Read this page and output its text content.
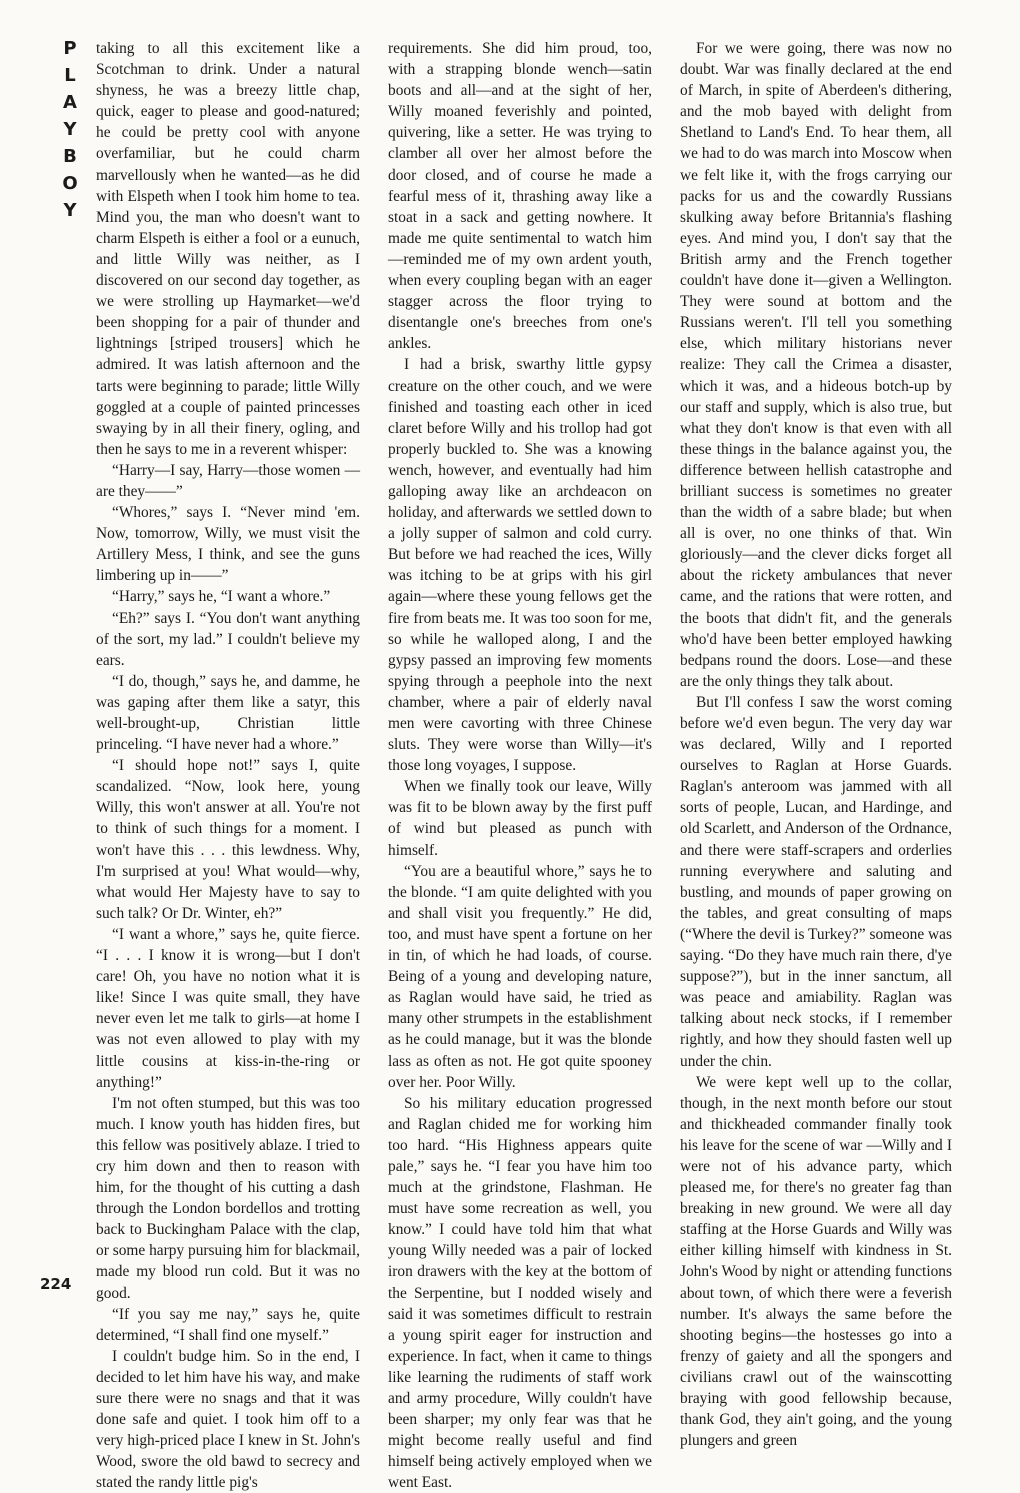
P
L
A
Y
B
O
Y

taking to all this excitement like a Scotchman to drink. Under a natural shyness, he was a breezy little chap, quick, eager to please and good-natured; he could be pretty cool with anyone overfamiliar, but he could charm marvellously when he wanted—as he did with Elspeth when I took him home to tea. Mind you, the man who doesn't want to charm Elspeth is either a fool or a eunuch, and little Willy was neither, as I discovered on our second day together, as we were strolling up Haymarket—we'd been shopping for a pair of thunder and lightnings [striped trousers] which he admired. It was latish afternoon and the tarts were beginning to parade; little Willy goggled at a couple of painted princesses swaying by in all their finery, ogling, and then he says to me in a reverent whisper:

“Harry—I say, Harry—those women —are they——”

“Whores,” says I. “Never mind 'em. Now, tomorrow, Willy, we must visit the Artillery Mess, I think, and see the guns limbering up in——”

“Harry,” says he, “I want a whore.”

“Eh?” says I. “You don't want anything of the sort, my lad.” I couldn't believe my ears.

“I do, though,” says he, and damme, he was gaping after them like a satyr, this well-brought-up, Christian little princeling. “I have never had a whore.”

“I should hope not!” says I, quite scandalized. “Now, look here, young Willy, this won't answer at all. You're not to think of such things for a moment. I won't have this . . . this lewdness. Why, I'm surprised at you! What would—why, what would Her Majesty have to say to such talk? Or Dr. Winter, eh?”

“I want a whore,” says he, quite fierce. “I . . . I know it is wrong—but I don't care! Oh, you have no notion what it is like! Since I was quite small, they have never even let me talk to girls—at home I was not even allowed to play with my little cousins at kiss-in-the-ring or anything!”

I'm not often stumped, but this was too much. I know youth has hidden fires, but this fellow was positively ablaze. I tried to cry him down and then to reason with him, for the thought of his cutting a dash through the London bordellos and trotting back to Buckingham Palace with the clap, or some harpy pursuing him for blackmail, made my blood run cold. But it was no good.

“If you say me nay,” says he, quite determined, “I shall find one myself.”

I couldn't budge him. So in the end, I decided to let him have his way, and make sure there were no snags and that it was done safe and quiet. I took him off to a very high-priced place I knew in St. John's Wood, swore the old bawd to secrecy and stated the randy little pig's

requirements. She did him proud, too, with a strapping blonde wench—satin boots and all—and at the sight of her, Willy moaned feverishly and pointed, quivering, like a setter. He was trying to clamber all over her almost before the door closed, and of course he made a fearful mess of it, thrashing away like a stoat in a sack and getting nowhere. It made me quite sentimental to watch him—reminded me of my own ardent youth, when every coupling began with an eager stagger across the floor trying to disentangle one's breeches from one's ankles.

I had a brisk, swarthy little gypsy creature on the other couch, and we were finished and toasting each other in iced claret before Willy and his trollop had got properly buckled to. She was a knowing wench, however, and eventually had him galloping away like an archdeacon on holiday, and afterwards we settled down to a jolly supper of salmon and cold curry. But before we had reached the ices, Willy was itching to be at grips with his girl again—where these young fellows get the fire from beats me. It was too soon for me, so while he walloped along, I and the gypsy passed an improving few moments spying through a peephole into the next chamber, where a pair of elderly naval men were cavorting with three Chinese sluts. They were worse than Willy—it's those long voyages, I suppose.

When we finally took our leave, Willy was fit to be blown away by the first puff of wind but pleased as punch with himself.

“You are a beautiful whore,” says he to the blonde. “I am quite delighted with you and shall visit you frequently.” He did, too, and must have spent a fortune on her in tin, of which he had loads, of course. Being of a young and developing nature, as Raglan would have said, he tried as many other strumpets in the establishment as he could manage, but it was the blonde lass as often as not. He got quite spooney over her. Poor Willy.

So his military education progressed and Raglan chided me for working him too hard. “His Highness appears quite pale,” says he. “I fear you have him too much at the grindstone, Flashman. He must have some recreation as well, you know.” I could have told him that what young Willy needed was a pair of locked iron drawers with the key at the bottom of the Serpentine, but I nodded wisely and said it was sometimes difficult to restrain a young spirit eager for instruction and experience. In fact, when it came to things like learning the rudiments of staff work and army procedure, Willy couldn't have been sharper; my only fear was that he might become really useful and find himself being actively employed when we went East.

For we were going, there was now no doubt. War was finally declared at the end of March, in spite of Aberdeen's dithering, and the mob bayed with delight from Shetland to Land's End. To hear them, all we had to do was march into Moscow when we felt like it, with the frogs carrying our packs for us and the cowardly Russians skulking away before Britannia's flashing eyes. And mind you, I don't say that the British army and the French together couldn't have done it—given a Wellington. They were sound at bottom and the Russians weren't. I'll tell you something else, which military historians never realize: They call the Crimea a disaster, which it was, and a hideous botch-up by our staff and supply, which is also true, but what they don't know is that even with all these things in the balance against you, the difference between hellish catastrophe and brilliant success is sometimes no greater than the width of a sabre blade; but when all is over, no one thinks of that. Win gloriously—and the clever dicks forget all about the rickety ambulances that never came, and the rations that were rotten, and the boots that didn't fit, and the generals who'd have been better employed hawking bedpans round the doors. Lose—and these are the only things they talk about.

But I'll confess I saw the worst coming before we'd even begun. The very day war was declared, Willy and I reported ourselves to Raglan at Horse Guards. Raglan's anteroom was jammed with all sorts of people, Lucan, and Hardinge, and old Scarlett, and Anderson of the Ordnance, and there were staff-scrapers and orderlies running everywhere and saluting and bustling, and mounds of paper growing on the tables, and great consulting of maps (“Where the devil is Turkey?” someone was saying. “Do they have much rain there, d'ye suppose?”), but in the inner sanctum, all was peace and amiability. Raglan was talking about neck stocks, if I remember rightly, and how they should fasten well up under the chin.

We were kept well up to the collar, though, in the next month before our stout and thickheaded commander finally took his leave for the scene of war —Willy and I were not of his advance party, which pleased me, for there's no greater fag than breaking in new ground. We were all day staffing at the Horse Guards and Willy was either killing himself with kindness in St. John's Wood by night or attending functions about town, of which there were a feverish number. It's always the same before the shooting begins—the hostesses go into a frenzy of gaiety and all the spongers and civilians crawl out of the wainscotting braying with good fellowship because, thank God, they ain't going, and the young plungers and green

224
